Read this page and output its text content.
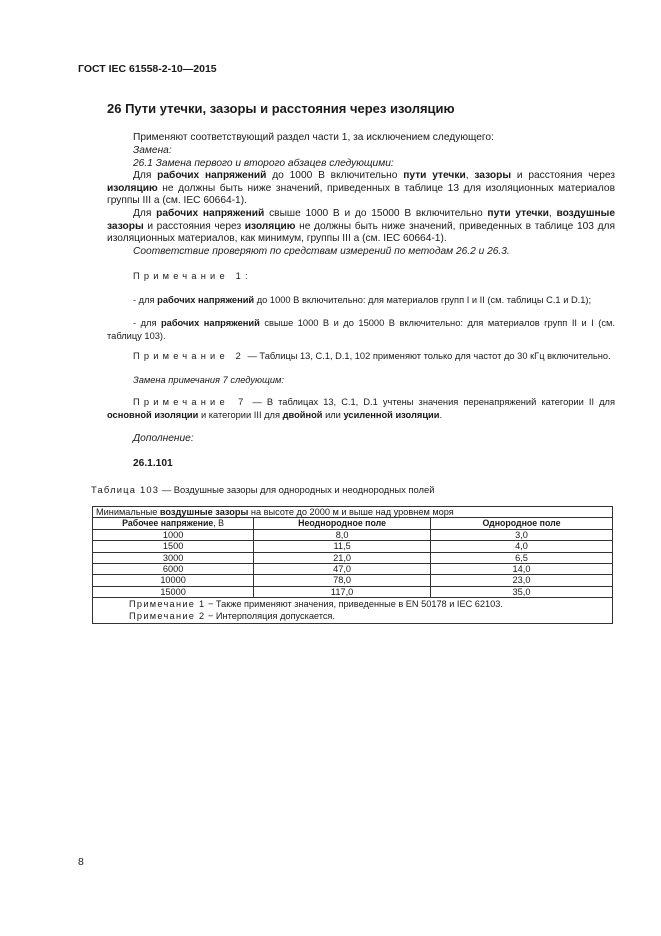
ГОСТ IEC 61558-2-10—2015
26 Пути утечки, зазоры и расстояния через изоляцию
Применяют соответствующий раздел части 1, за исключением следующего:
Замена:
26.1 Замена первого и второго абзацев следующими:
Для рабочих напряжений до 1000 В включительно пути утечки, зазоры и расстояния через изоляцию не должны быть ниже значений, приведенных в таблице 13 для изоляционных материалов группы III а (см. IEC 60664-1).
Для рабочих напряжений свыше 1000 В и до 15000 В включительно пути утечки, воздушные зазоры и расстояния через изоляцию не должны быть ниже значений, приведенных в таблице 103 для изоляционных материалов, как минимум, группы III а (см. IEC 60664-1).
Соответствие проверяют по средствам измерений по методам 26.2 и 26.3.
Примечание 1:
- для рабочих напряжений до 1000 В включительно: для материалов групп I и II (см. таблицы С.1 и D.1);
- для рабочих напряжений свыше 1000 В и до 15000 В включительно: для материалов групп II и I (см. таблицу 103).
Примечание 2 — Таблицы 13, С.1, D.1, 102 применяют только для частот до 30 кГц включительно.
Замена примечания 7 следующим:
Примечание 7 — В таблицах 13, С.1, D.1 учтены значения перенапряжений категории II для основной изоляции и категории III для двойной или усиленной изоляции.
Дополнение:
26.1.101
Таблица 103 — Воздушные зазоры для однородных и неоднородных полей
Минимальные воздушные зазоры на высоте до 2000 м и выше над уровнем моря		
Рабочее напряжение, В	Неоднородное поле	Однородное поле
1000	8,0	3,0
1500	11,5	4,0
3000	21,0	6,5
6000	47,0	14,0
10000	78,0	23,0
15000	117,0	35,0

Примечание 1 − Также применяют значения, приведенные в EN 50178 и IEC 62103.
Примечание 2 − Интерполяция допускается.		
8
